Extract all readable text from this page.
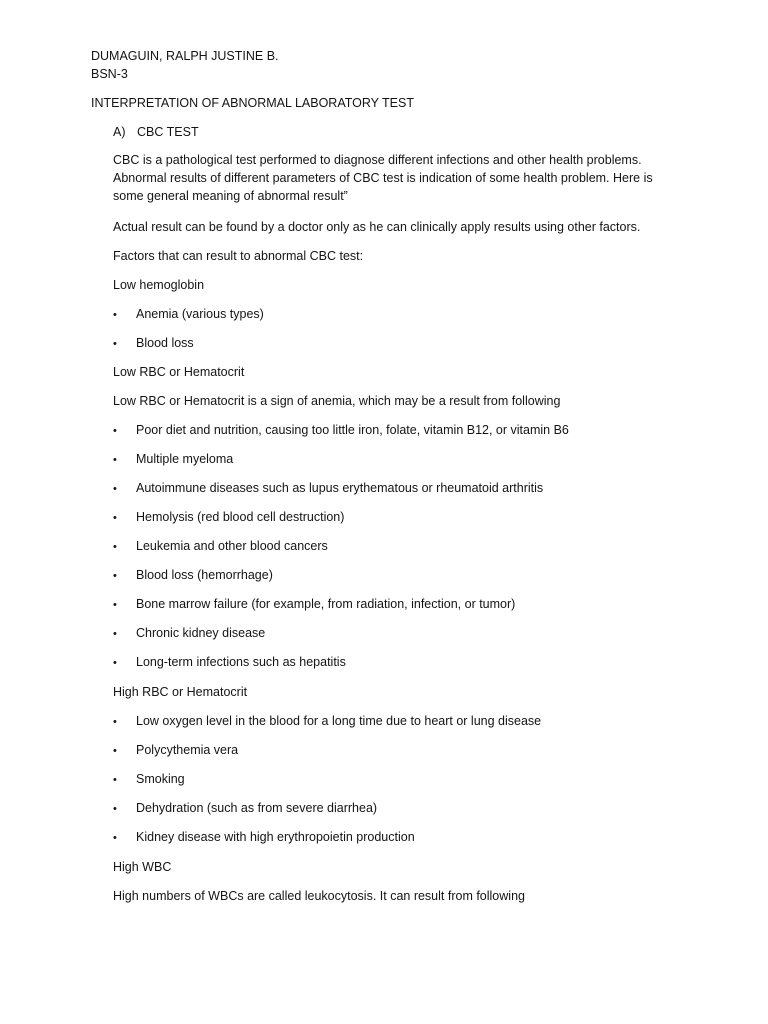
DUMAGUIN, RALPH JUSTINE B.
BSN-3
INTERPRETATION OF ABNORMAL LABORATORY TEST
A) CBC TEST
CBC is a pathological test performed to diagnose different infections and other health problems. Abnormal results of different parameters of CBC test is indication of some health problem. Here is some general meaning of abnormal result”
Actual result can be found by a doctor only as he can clinically apply results using other factors.
Factors that can result to abnormal CBC test:
Low hemoglobin
• Anemia (various types)
• Blood loss
Low RBC or Hematocrit
Low RBC or Hematocrit is a sign of anemia, which may be a result from following
• Poor diet and nutrition, causing too little iron, folate, vitamin B12, or vitamin B6
• Multiple myeloma
• Autoimmune diseases such as lupus erythematous or rheumatoid arthritis
• Hemolysis (red blood cell destruction)
• Leukemia and other blood cancers
• Blood loss (hemorrhage)
• Bone marrow failure (for example, from radiation, infection, or tumor)
• Chronic kidney disease
• Long-term infections such as hepatitis
High RBC or Hematocrit
• Low oxygen level in the blood for a long time due to heart or lung disease
• Polycythemia vera
• Smoking
• Dehydration (such as from severe diarrhea)
• Kidney disease with high erythropoietin production
High WBC
High numbers of WBCs are called leukocytosis. It can result from following
